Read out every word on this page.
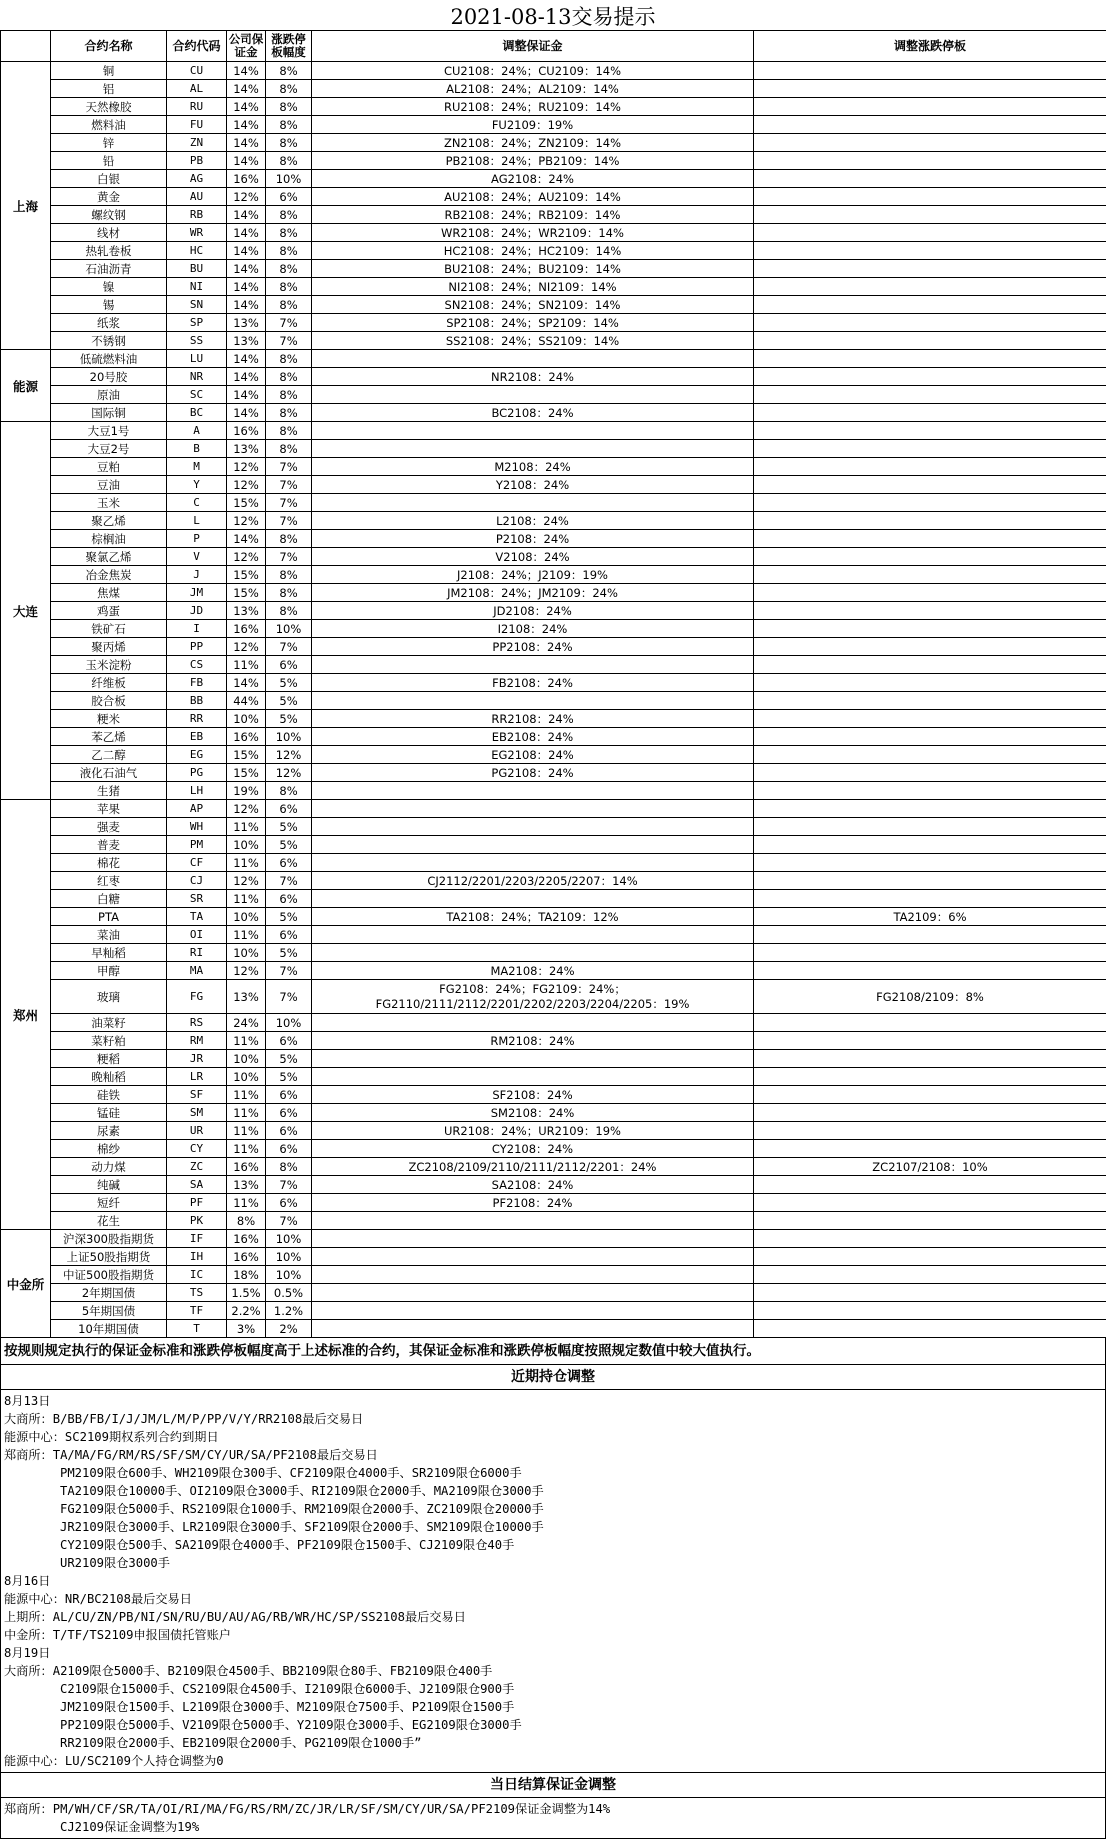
2021-08-13交易提示
	合约名称	合约代码	公司保证金	涨跌停板幅度	调整保证金	调整涨跌停板
上海	铜	CU	14%	8%	CU2108：24%；CU2109：14%	
	铝	AL	14%	8%	AL2108：24%；AL2109：14%	
	天然橡胶	RU	14%	8%	RU2108：24%；RU2109：14%	
	燃料油	FU	14%	8%	FU2109：19%	
	锌	ZN	14%	8%	ZN2108：24%；ZN2109：14%	
	铅	PB	14%	8%	PB2108：24%；PB2109：14%	
	白银	AG	16%	10%	AG2108：24%	
	黄金	AU	12%	6%	AU2108：24%；AU2109：14%	
	螺纹钢	RB	14%	8%	RB2108：24%；RB2109：14%	
	线材	WR	14%	8%	WR2108：24%；WR2109：14%	
	热轧卷板	HC	14%	8%	HC2108：24%；HC2109：14%	
	石油沥青	BU	14%	8%	BU2108：24%；BU2109：14%	
	镍	NI	14%	8%	NI2108：24%；NI2109：14%	
	锡	SN	14%	8%	SN2108：24%；SN2109：14%	
	纸浆	SP	13%	7%	SP2108：24%；SP2109：14%	
	不锈钢	SS	13%	7%	SS2108：24%；SS2109：14%	
能源	低硫燃料油	LU	14%	8%		
	20号胶	NR	14%	8%	NR2108：24%	
	原油	SC	14%	8%		
	国际铜	BC	14%	8%	BC2108：24%	
大连	大豆1号	A	16%	8%		
	大豆2号	B	13%	8%		
	豆粕	M	12%	7%	M2108：24%	
	豆油	Y	12%	7%	Y2108：24%	
	玉米	C	15%	7%		
	聚乙烯	L	12%	7%	L2108：24%	
	棕榈油	P	14%	8%	P2108：24%	
	聚氯乙烯	V	12%	7%	V2108：24%	
	冶金焦炭	J	15%	8%	J2108：24%；J2109：19%	
	焦煤	JM	15%	8%	JM2108：24%；JM2109：24%	
	鸡蛋	JD	13%	8%	JD2108：24%	
	铁矿石	I	16%	10%	I2108：24%	
	聚丙烯	PP	12%	7%	PP2108：24%	
	玉米淀粉	CS	11%	6%		
	纤维板	FB	14%	5%	FB2108：24%	
	胶合板	BB	44%	5%		
	粳米	RR	10%	5%	RR2108：24%	
	苯乙烯	EB	16%	10%	EB2108：24%	
	乙二醇	EG	15%	12%	EG2108：24%	
	液化石油气	PG	15%	12%	PG2108：24%	
	生猪	LH	19%	8%		
郑州	苹果	AP	12%	6%		
	强麦	WH	11%	5%		
	普麦	PM	10%	5%		
	棉花	CF	11%	6%		
	红枣	CJ	12%	7%	CJ2112/2201/2203/2205/2207：14%	
	白糖	SR	11%	6%		
	PTA	TA	10%	5%	TA2108：24%；TA2109：12%	TA2109：6%
	菜油	OI	11%	6%		
	早籼稻	RI	10%	5%		
	甲醇	MA	12%	7%	MA2108：24%	
	玻璃	FG	13%	7%	FG2108：24%；FG2109：24%；
FG2110/2111/2112/2201/2202/2203/2204/2205：19%	FG2108/2109：8%
	油菜籽	RS	24%	10%		
	菜籽粕	RM	11%	6%	RM2108：24%	
	粳稻	JR	10%	5%		
	晚籼稻	LR	10%	5%		
	硅铁	SF	11%	6%	SF2108：24%	
	锰硅	SM	11%	6%	SM2108：24%	
	尿素	UR	11%	6%	UR2108：24%；UR2109：19%	
	棉纱	CY	11%	6%	CY2108：24%	
	动力煤	ZC	16%	8%	ZC2108/2109/2110/2111/2112/2201：24%	ZC2107/2108：10%
	纯碱	SA	13%	7%	SA2108：24%	
	短纤	PF	11%	6%	PF2108：24%	
	花生	PK	8%	7%		
中金所	沪深300股指期货	IF	16%	10%		
	上证50股指期货	IH	16%	10%		
	中证500股指期货	IC	18%	10%		
	2年期国债	TS	1.5%	0.5%		
	5年期国债	TF	2.2%	1.2%		
	10年期国债	T	3%	2%		
按规则规定执行的保证金标准和涨跌停板幅度高于上述标准的合约，其保证金标准和涨跌停板幅度按照规定数值中较大值执行。
近期持仓调整
8月13日
大商所：B/BB/FB/I/J/JM/L/M/P/PP/V/Y/RR2108最后交易日
能源中心：SC2109期权系列合约到期日
郑商所：TA/MA/FG/RM/RS/SF/SM/CY/UR/SA/PF2108最后交易日
PM2109限仓600手、WH2109限仓300手、CF2109限仓4000手、SR2109限仓6000手
TA2109限仓10000手、OI2109限仓3000手、RI2109限仓2000手、MA2109限仓3000手
FG2109限仓5000手、RS2109限仓1000手、RM2109限仓2000手、ZC2109限仓20000手
JR2109限仓3000手、LR2109限仓3000手、SF2109限仓2000手、SM2109限仓10000手
CY2109限仓500手、SA2109限仓4000手、PF2109限仓1500手、CJ2109限仓40手
UR2109限仓3000手
8月16日
能源中心：NR/BC2108最后交易日
上期所：AL/CU/ZN/PB/NI/SN/RU/BU/AU/AG/RB/WR/HC/SP/SS2108最后交易日
中金所：T/TF/TS2109申报国债托管账户
8月19日
大商所：A2109限仓5000手、B2109限仓4500手、BB2109限仓80手、FB2109限仓400手
C2109限仓15000手、CS2109限仓4500手、I2109限仓6000手、J2109限仓900手
JM2109限仓1500手、L2109限仓3000手、M2109限仓7500手、P2109限仓1500手
PP2109限仓5000手、V2109限仓5000手、Y2109限仓3000手、EG2109限仓3000手
RR2109限仓2000手、EB2109限仓2000手、PG2109限仓1000手”
能源中心：LU/SC2109个人持仓调整为0
当日结算保证金调整
郑商所：PM/WH/CF/SR/TA/OI/RI/MA/FG/RS/RM/ZC/JR/LR/SF/SM/CY/UR/SA/PF2109保证金调整为14%
CJ2109保证金调整为19%
